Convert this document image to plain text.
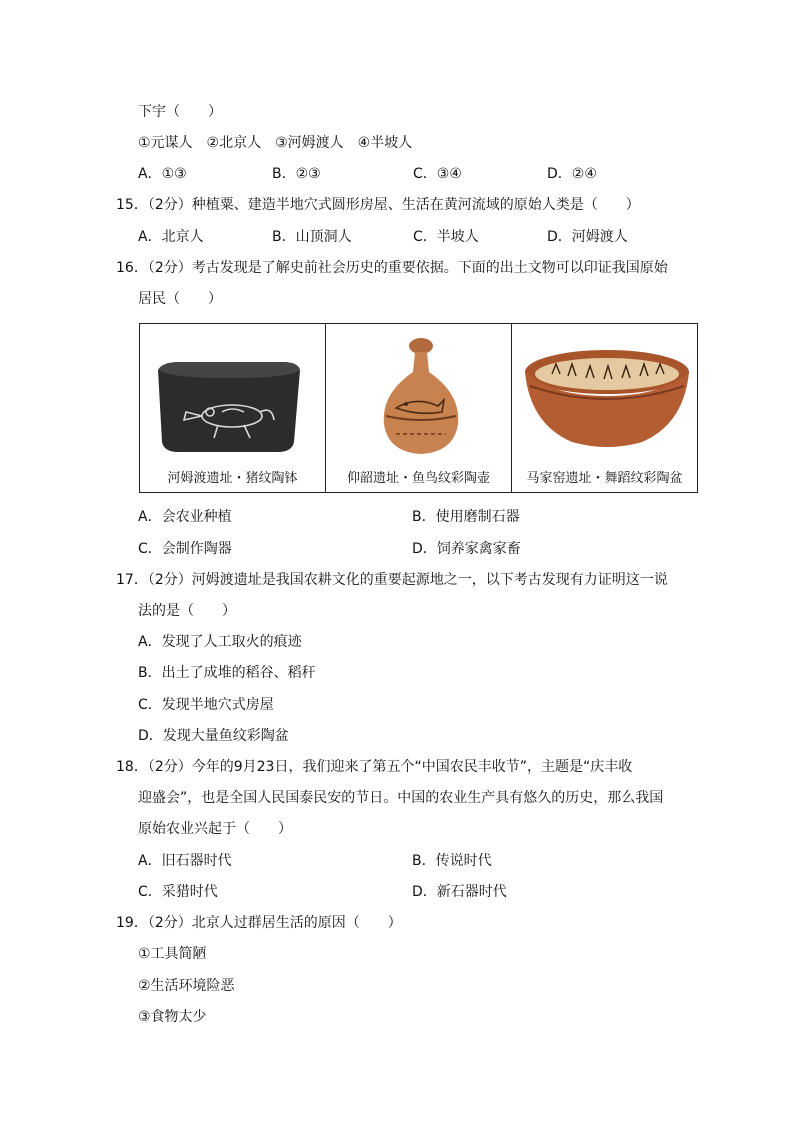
下宇（　　）
①元谋人　②北京人　③河姆渡人　④半坡人
A．①③	B．②③	C．③④	D．②④
15．（2分）种植粟、建造半地穴式圆形房屋、生活在黄河流域的原始人类是（　　）
A．北京人	B．山顶洞人	C．半坡人	D．河姆渡人
16．（2分）考古发现是了解史前社会历史的重要依据。下面的出土文物可以印证我国原始
居民（　　）
河姆渡遗址・猪纹陶钵	仰韶遗址・鱼鸟纹彩陶壶	马家窑遗址・舞蹈纹彩陶盆
A．会农业种植	B．使用磨制石器
C．会制作陶器	D．饲养家禽家畜
17．（2分）河姆渡遗址是我国农耕文化的重要起源地之一，以下考古发现有力证明这一说
法的是（　　）
A．发现了人工取火的痕迹
B．出土了成堆的稻谷、稻秆
C．发现半地穴式房屋
D．发现大量鱼纹彩陶盆
18．（2分）今年的9月23日，我们迎来了第五个“中国农民丰收节”，主题是“庆丰收
迎盛会”，也是全国人民国泰民安的节日。中国的农业生产具有悠久的历史，那么我国
原始农业兴起于（　　）
A．旧石器时代	B．传说时代
C．采猎时代	D．新石器时代
19．（2分）北京人过群居生活的原因（　　）
①工具简陋
②生活环境险恶
③食物太少
